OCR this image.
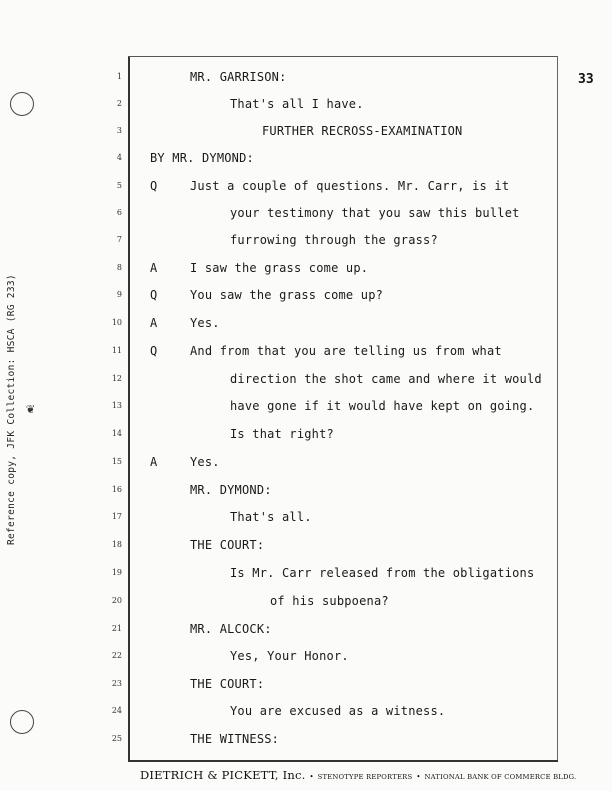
Reference copy, JFK Collection: HSCA (RG 233) ❦
33
1	MR. GARRISON:
2	That's all I have.
3	FURTHER RECROSS-EXAMINATION
4 BY MR. DYMOND:
5 Q	Just a couple of questions. Mr. Carr, is it
6	your testimony that you saw this bullet
7	furrowing through the grass?
8 A	I saw the grass come up.
9 Q	You saw the grass come up?
10 A	Yes.
11 Q	And from that you are telling us from what
12	direction the shot came and where it would
13	have gone if it would have kept on going.
14	Is that right?
15 A	Yes.
16	MR. DYMOND:
17	That's all.
18	THE COURT:
19	Is Mr. Carr released from the obligations
20	of his subpoena?
21	MR. ALCOCK:
22	Yes, Your Honor.
23	THE COURT:
24	You are excused as a witness.
25	THE WITNESS:
DIETRICH & PICKETT, Inc. • STENOTYPE REPORTERS • NATIONAL BANK OF COMMERCE BLDG.
